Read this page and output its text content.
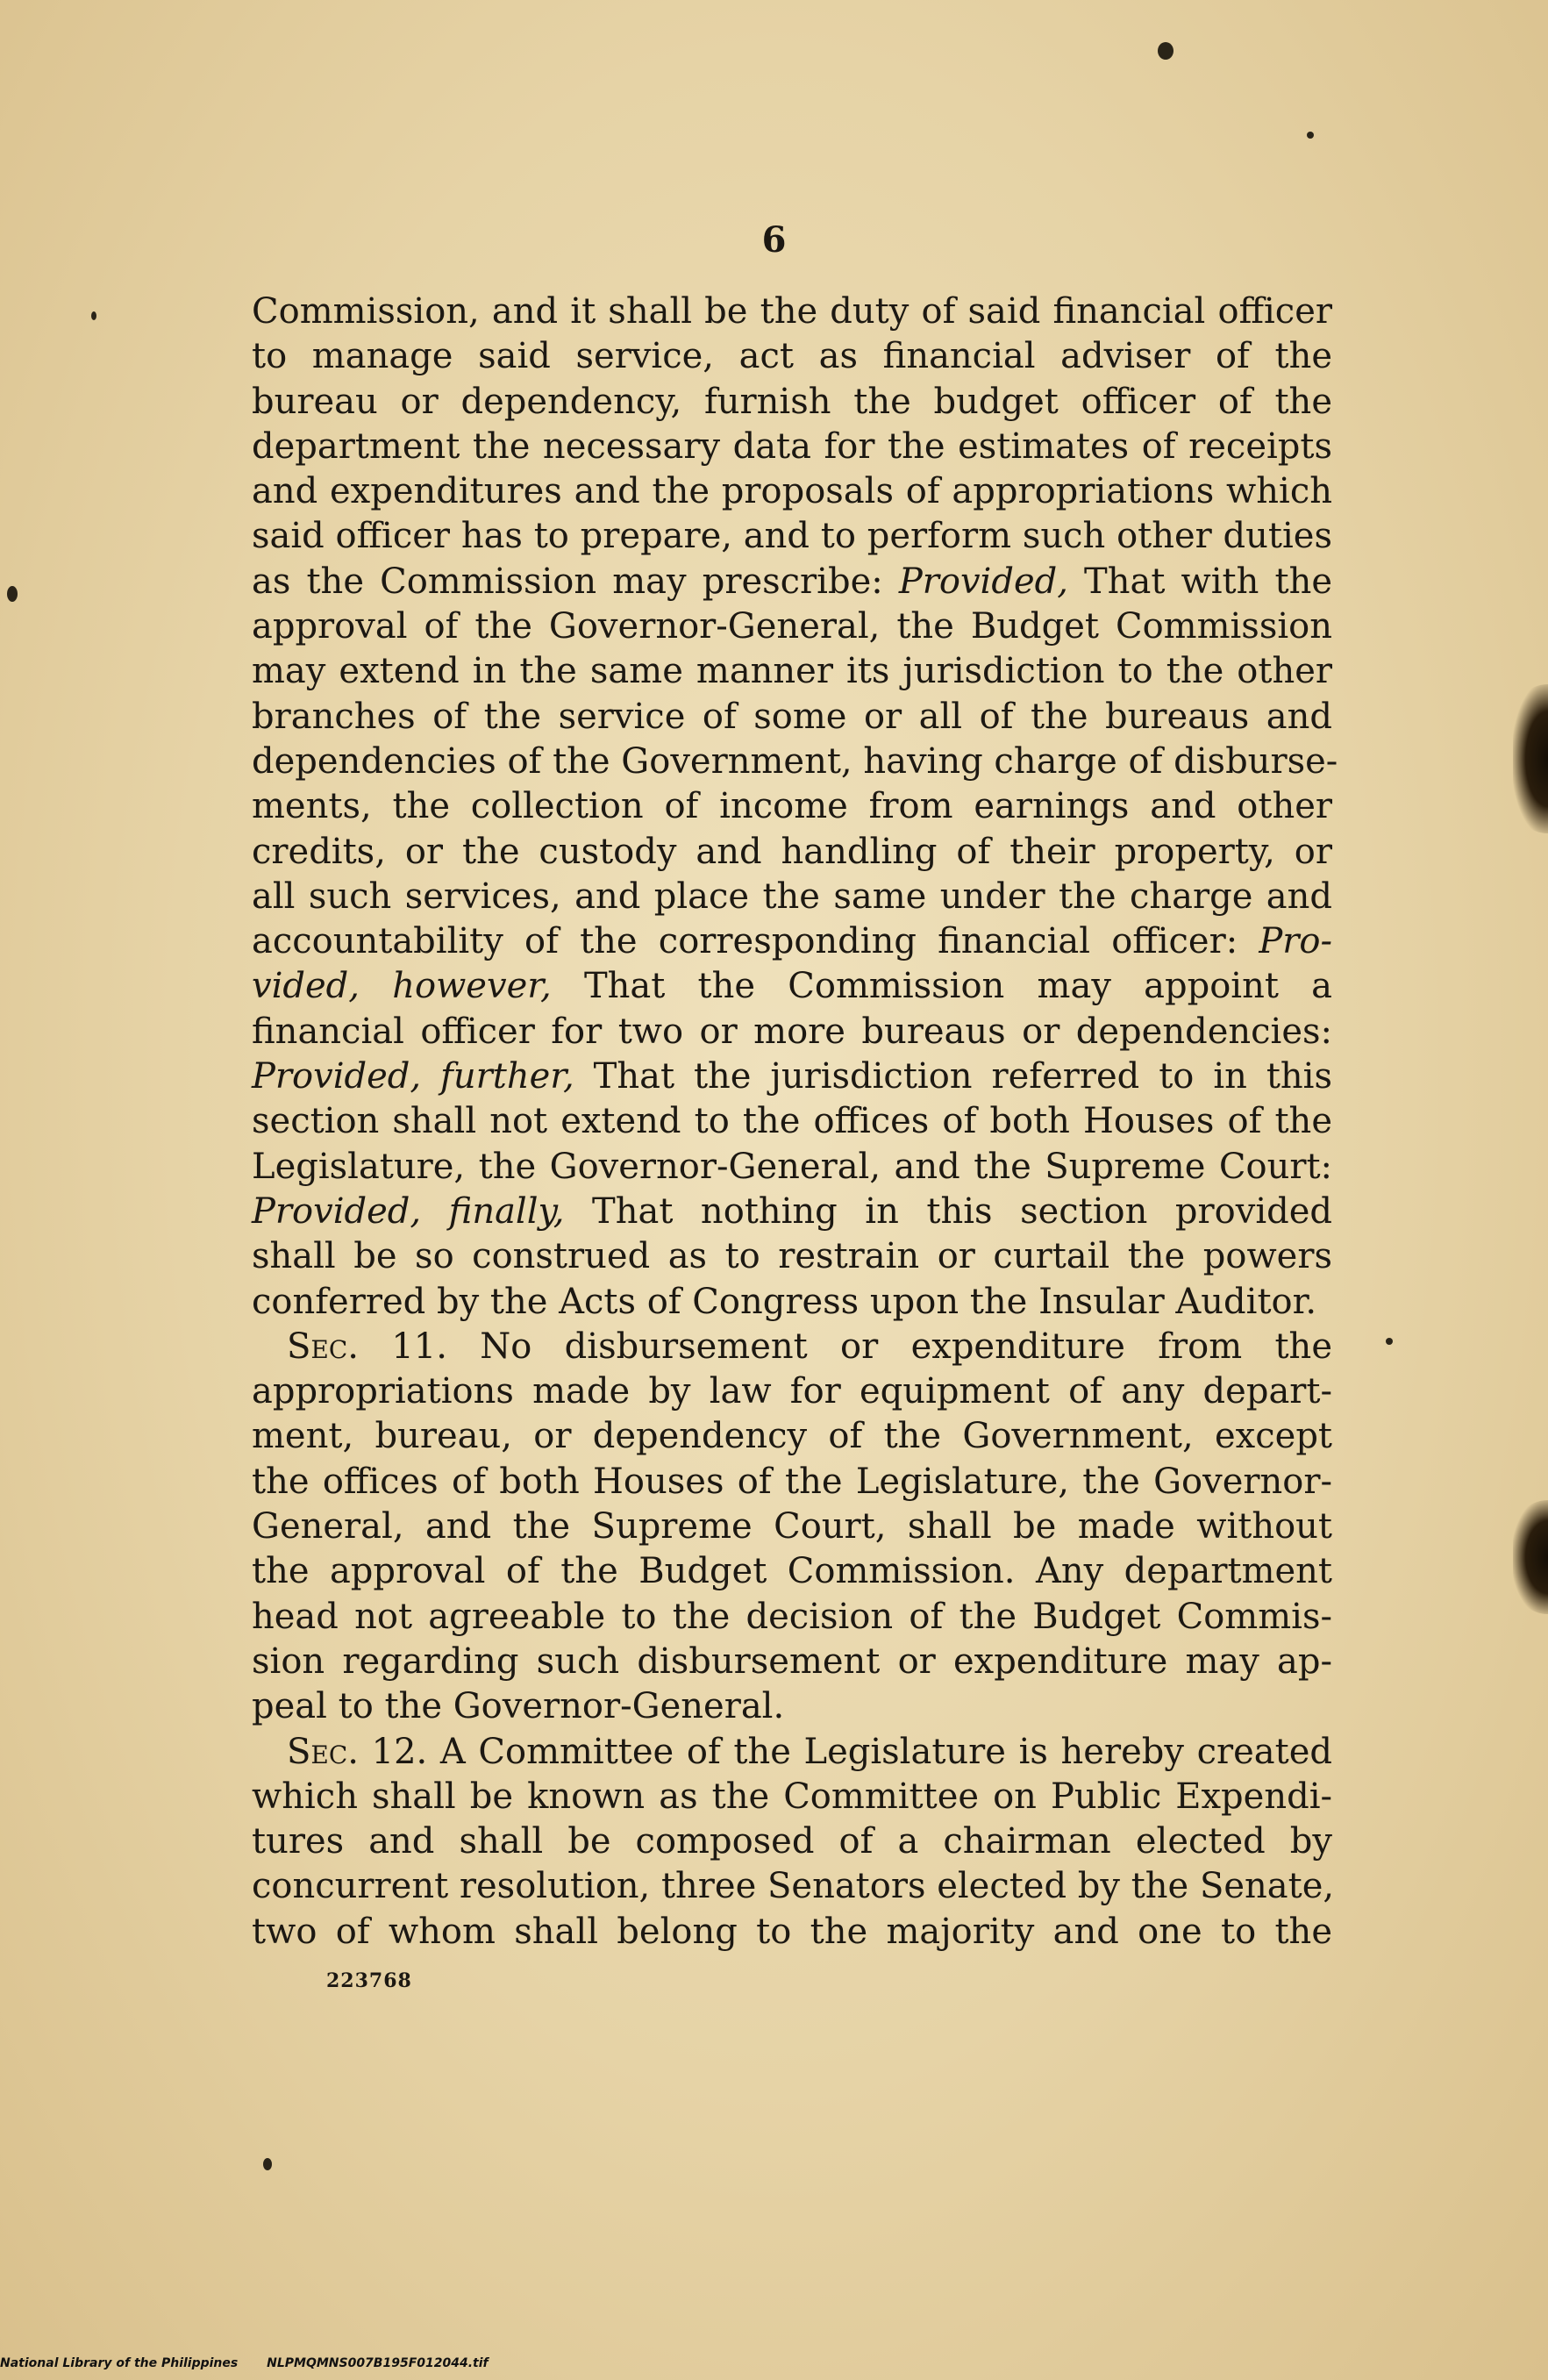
6
Commission, and it shall be the duty of said financial officer
to manage said service, act as financial adviser of the
bureau or dependency, furnish the budget officer of the
department the necessary data for the estimates of receipts
and expenditures and the proposals of appropriations which
said officer has to prepare, and to perform such other duties
as the Commission may prescribe: Provided, That with the
approval of the Governor-General, the Budget Commission
may extend in the same manner its jurisdiction to the other
branches of the service of some or all of the bureaus and
dependencies of the Government, having charge of disburse-
ments, the collection of income from earnings and other
credits, or the custody and handling of their property, or
all such services, and place the same under the charge and
accountability of the corresponding financial officer: Pro-
vided, however, That the Commission may appoint a
financial officer for two or more bureaus or dependencies:
Provided, further, That the jurisdiction referred to in this
section shall not extend to the offices of both Houses of the
Legislature, the Governor-General, and the Supreme Court:
Provided, finally, That nothing in this section provided
shall be so construed as to restrain or curtail the powers
conferred by the Acts of Congress upon the Insular Auditor.
Sec. 11. No disbursement or expenditure from the
appropriations made by law for equipment of any depart-
ment, bureau, or dependency of the Government, except
the offices of both Houses of the Legislature, the Governor-
General, and the Supreme Court, shall be made without
the approval of the Budget Commission. Any department
head not agreeable to the decision of the Budget Commis-
sion regarding such disbursement or expenditure may ap-
peal to the Governor-General.
Sec. 12. A Committee of the Legislature is hereby created
which shall be known as the Committee on Public Expendi-
tures and shall be composed of a chairman elected by
concurrent resolution, three Senators elected by the Senate,
two of whom shall belong to the majority and one to the
223768
National Library of the Philippines NLPMQMNS007B195F012044.tif
